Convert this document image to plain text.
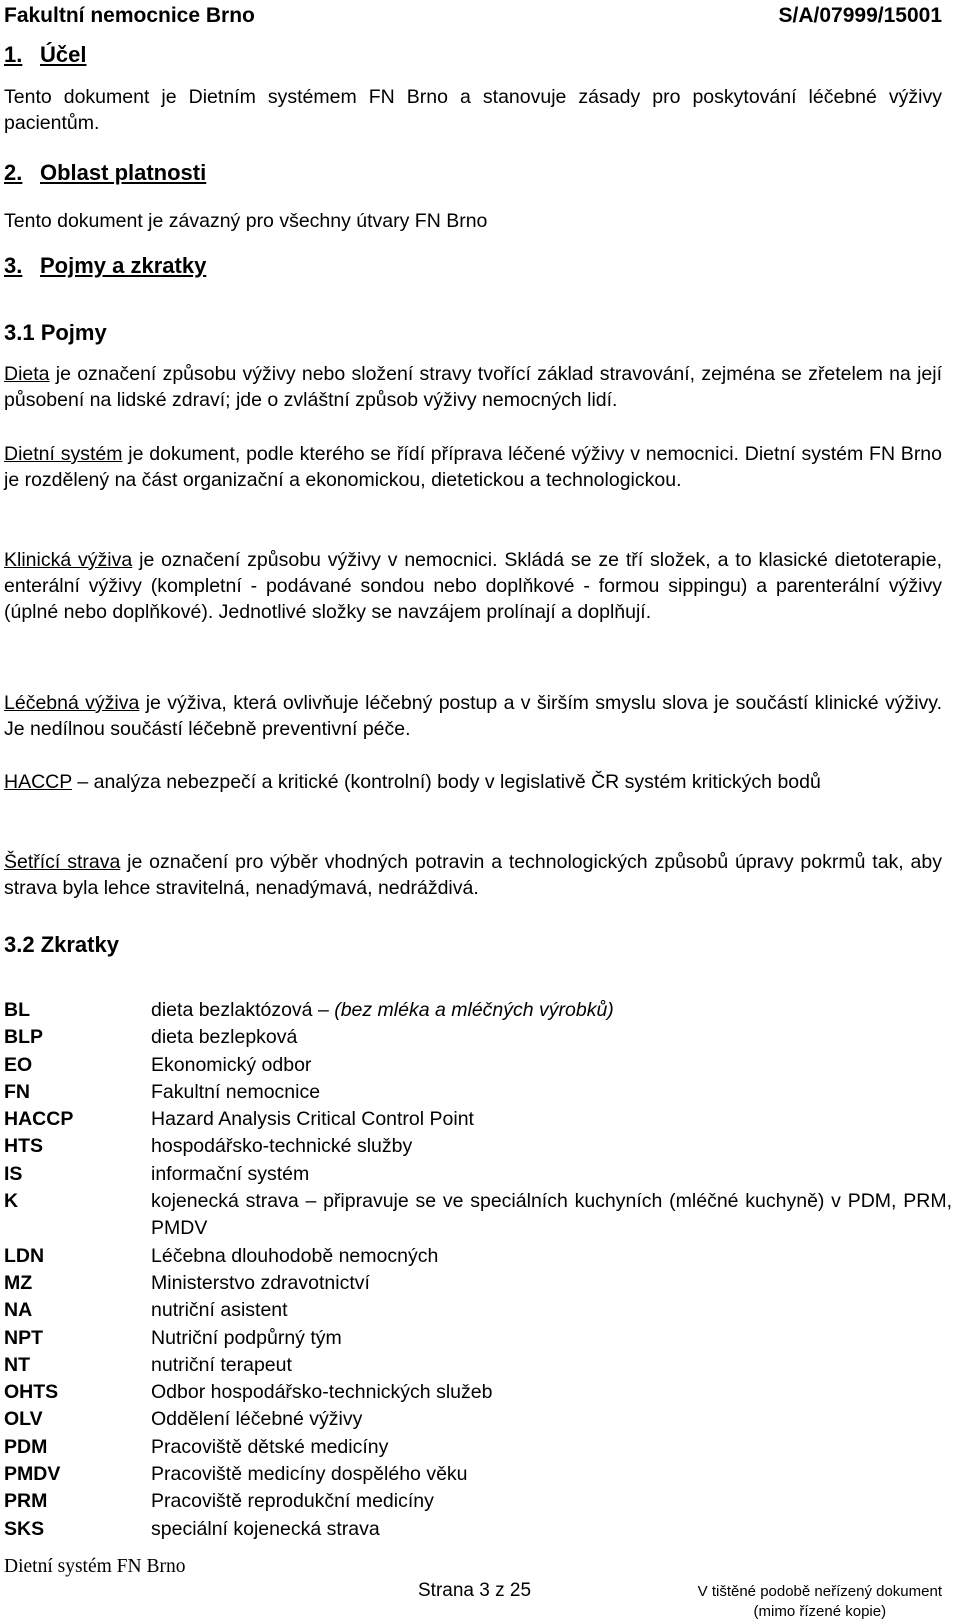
Fakultní nemocnice Brno	S/A/07999/15001
1. Účel
Tento dokument je Dietním systémem FN Brno a stanovuje zásady pro poskytování léčebné výživy pacientům.
2. Oblast platnosti
Tento dokument je závazný pro všechny útvary FN Brno
3. Pojmy a zkratky
3.1 Pojmy
Dieta je označení způsobu výživy nebo složení stravy tvořící základ stravování, zejména se zřetelem na její působení na lidské zdraví; jde o zvláštní způsob výživy nemocných lidí.
Dietní systém je dokument, podle kterého se řídí příprava léčené výživy v nemocnici. Dietní systém FN Brno je rozdělený na část organizační a ekonomickou, dietetickou a technologickou.
Klinická výživa je označení způsobu výživy v nemocnici. Skládá se ze tří složek, a to klasické dietoterapie, enterální výživy (kompletní - podávané sondou nebo doplňkové - formou sippingu) a parenterální výživy (úplné nebo doplňkové). Jednotlivé složky se navzájem prolínají a doplňují.
Léčebná výživa je výživa, která ovlivňuje léčebný postup a v širším smyslu slova je součástí klinické výživy. Je nedílnou součástí léčebně preventivní péče.
HACCP – analýza nebezpečí a kritické (kontrolní) body v legislativě ČR systém kritických bodů
Šetřící strava je označení pro výběr vhodných potravin a technologických způsobů úpravy pokrmů tak, aby strava byla lehce stravitelná, nenadýmavá, nedráždivá.
3.2 Zkratky
BL	dieta bezlaktózová – (bez mléka a mléčných výrobků)
BLP	dieta bezlepková
EO	Ekonomický odbor
FN	Fakultní nemocnice
HACCP	Hazard Analysis Critical Control Point
HTS	hospodářsko-technické služby
IS	informační systém
K	kojenecká strava – připravuje se ve speciálních kuchyních (mléčné kuchyně) v PDM, PRM, PMDV
LDN	Léčebna dlouhodobě nemocných
MZ	Ministerstvo zdravotnictví
NA	nutriční asistent
NPT	Nutriční podpůrný tým
NT	nutriční terapeut
OHTS	Odbor hospodářsko-technických služeb
OLV	Oddělení léčebné výživy
PDM	Pracoviště dětské medicíny
PMDV	Pracoviště medicíny dospělého věku
PRM	Pracoviště reprodukční medicíny
SKS	speciální kojenecká strava
Dietní systém FN Brno
Strana 3 z 25	V tištěné podobě neřízený dokument
(mimo řízené kopie)
